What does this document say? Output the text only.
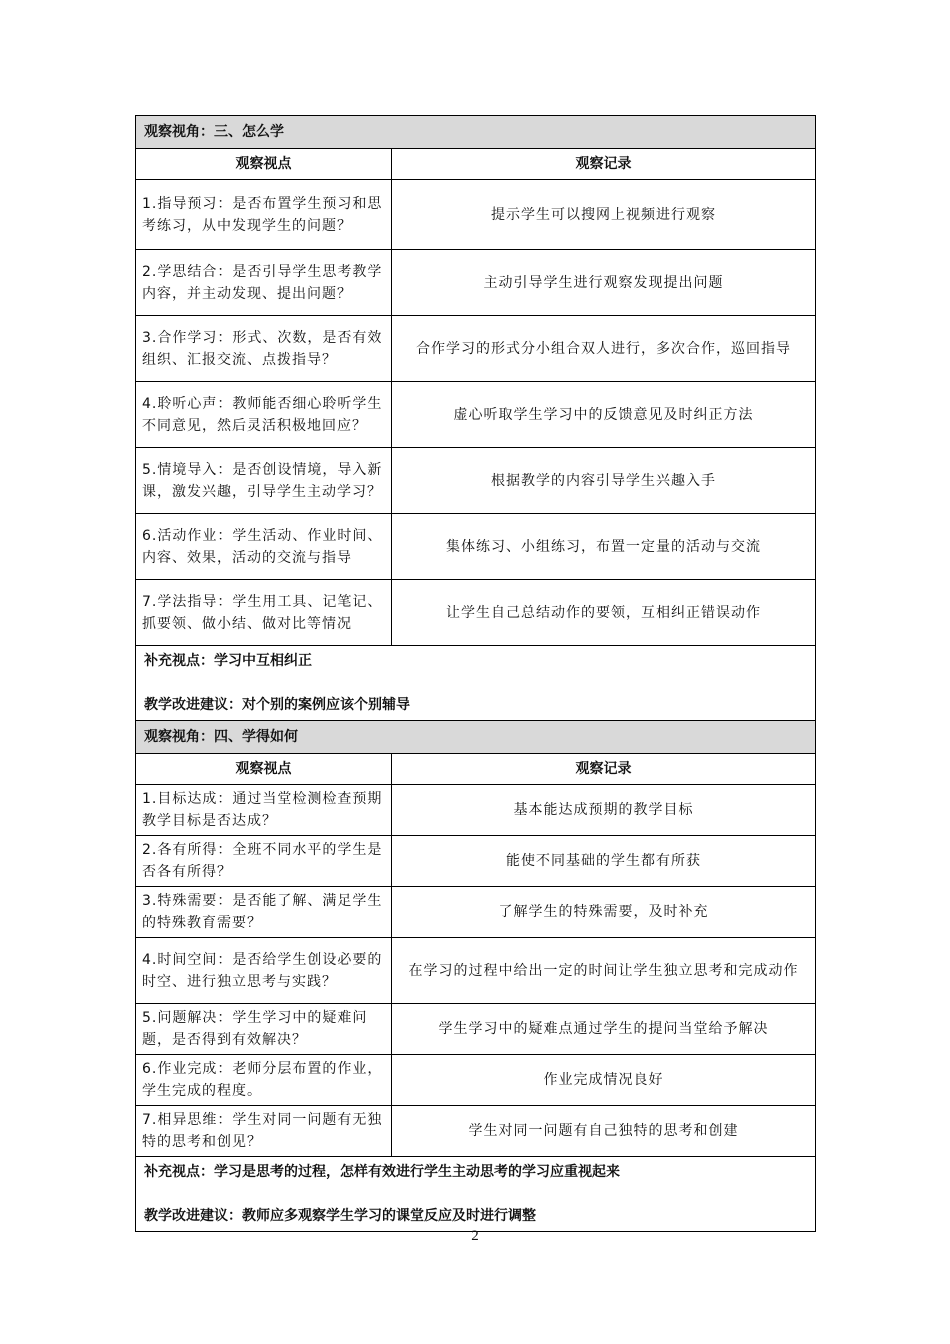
观察视角：三、怎么学	
观察视点	观察记录
1.指导预习：是否布置学生预习和思考练习，从中发现学生的问题？	提示学生可以搜网上视频进行观察
2.学思结合：是否引导学生思考教学内容，并主动发现、提出问题？	主动引导学生进行观察发现提出问题
3.合作学习：形式、次数，是否有效组织、汇报交流、点拨指导？	合作学习的形式分小组合双人进行，多次合作，巡回指导
4.聆听心声：教师能否细心聆听学生不同意见，然后灵活积极地回应？	虚心听取学生学习中的反馈意见及时纠正方法
5.情境导入：是否创设情境，导入新课，激发兴趣，引导学生主动学习？	根据教学的内容引导学生兴趣入手
6.活动作业：学生活动、作业时间、内容、效果，活动的交流与指导	集体练习、小组练习，布置一定量的活动与交流
7.学法指导：学生用工具、记笔记、抓要领、做小结、做对比等情况	让学生自己总结动作的要领，互相纠正错误动作

补充视点：学习中互相纠正
教学改进建议：对个别的案例应该个别辅导	

观察视角：四、学得如何	
观察视点	观察记录
1.目标达成：通过当堂检测检查预期教学目标是否达成？	基本能达成预期的教学目标
2.各有所得：全班不同水平的学生是否各有所得？	能使不同基础的学生都有所获
3.特殊需要：是否能了解、满足学生的特殊教育需要？	了解学生的特殊需要，及时补充
4.时间空间：是否给学生创设必要的时空、进行独立思考与实践？	在学习的过程中给出一定的时间让学生独立思考和完成动作
5.问题解决：学生学习中的疑难问题，是否得到有效解决？	学生学习中的疑难点通过学生的提问当堂给予解决
6.作业完成：老师分层布置的作业，学生完成的程度。	作业完成情况良好
7.相异思维：学生对同一问题有无独特的思考和创见？	学生对同一问题有自己独特的思考和创建

补充视点：学习是思考的过程，怎样有效进行学生主动思考的学习应重视起来
教学改进建议：教师应多观察学生学习的课堂反应及时进行调整	
2
